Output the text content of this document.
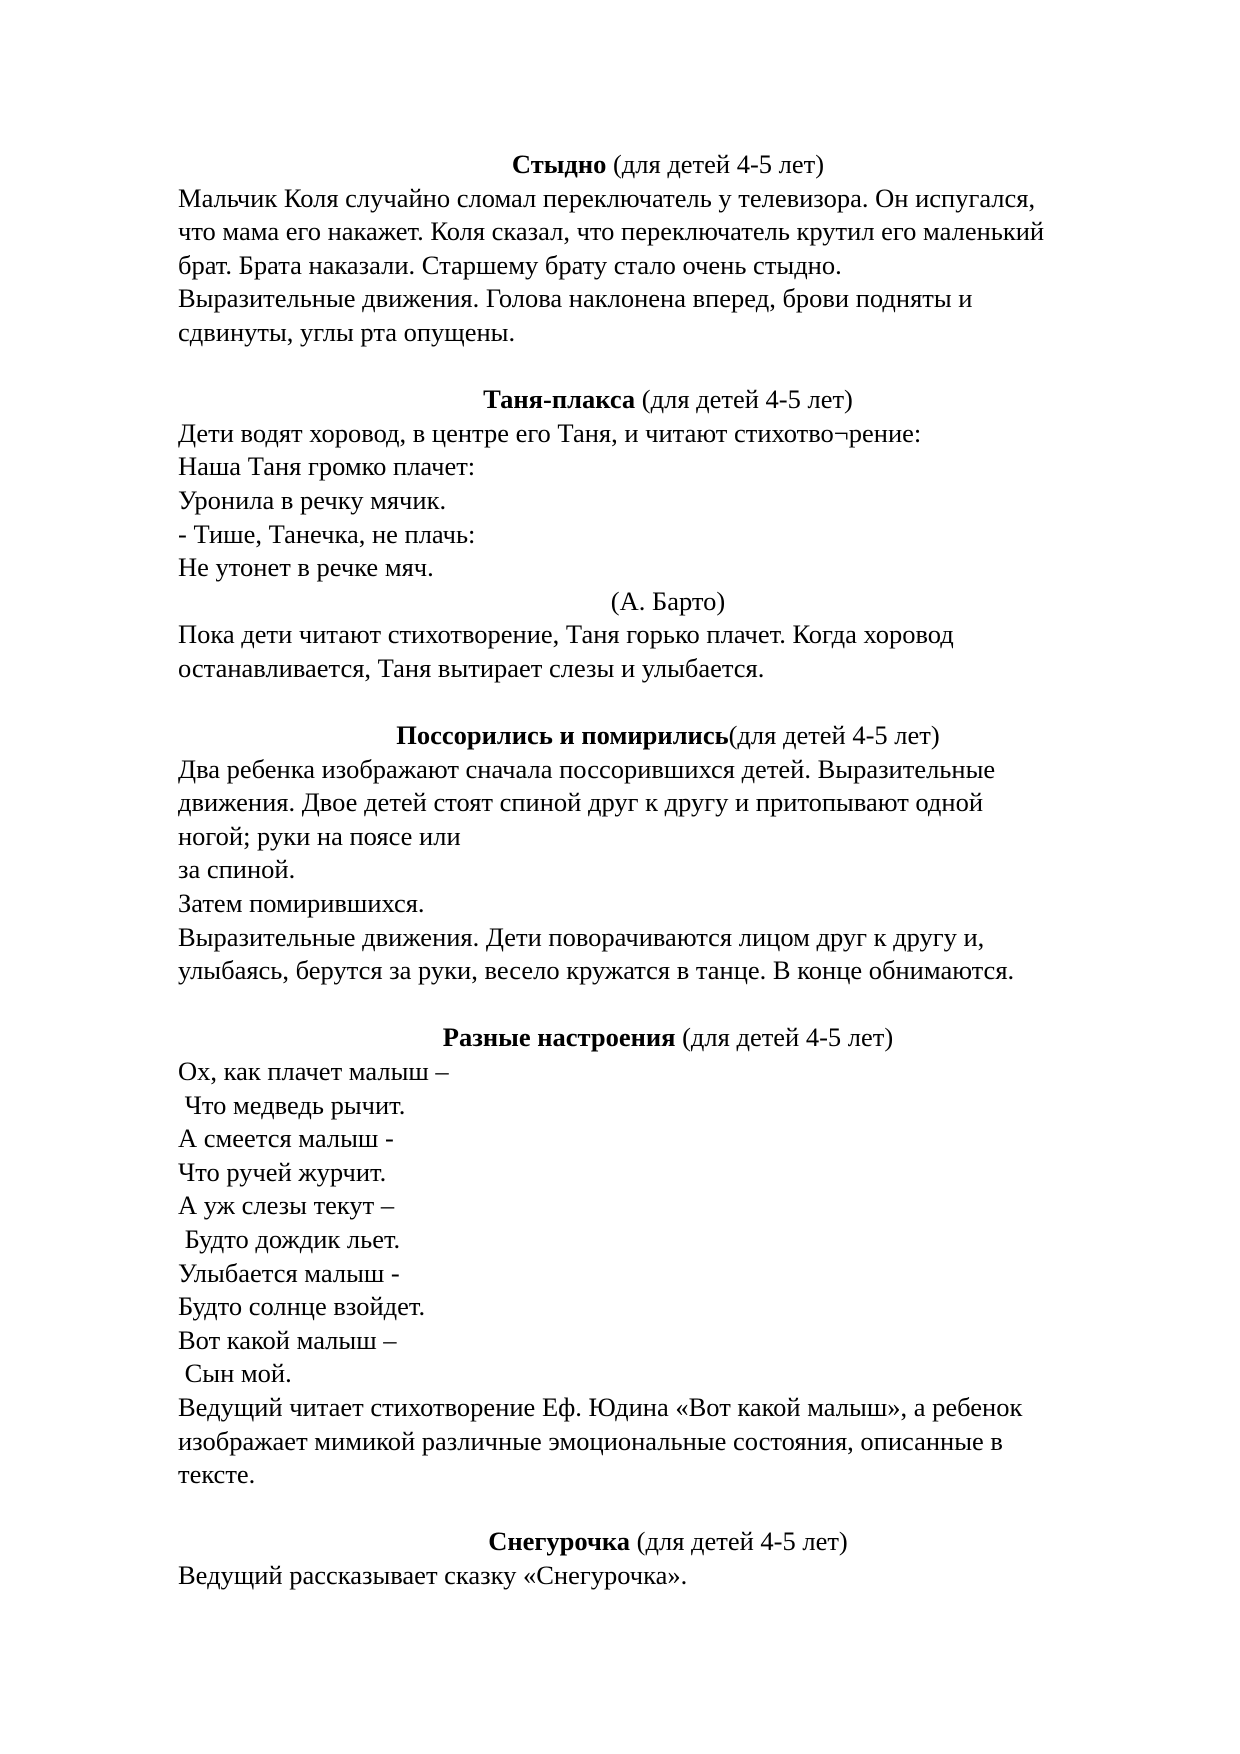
Стыдно (для детей 4-5 лет)
Мальчик Коля случайно сломал переключатель у телевизора. Он испугался,
что мама его накажет. Коля сказал, что переключатель крутил его маленький
брат. Брата наказали. Старшему брату стало очень стыдно.
Выразительные движения. Голова наклонена вперед, брови подняты и
сдвинуты, углы рта опущены.
Таня-плакса (для детей 4-5 лет)
Дети водят хоровод, в центре его Таня, и читают стихотво¬рение:
Наша Таня громко плачет:
Уронила в речку мячик.
- Тише, Танечка, не плачь:
Не утонет в речке мяч.
(А. Барто)
Пока дети читают стихотворение, Таня горько плачет. Когда хоровод
останавливается, Таня вытирает слезы и улыбается.
Поссорились и помирились(для детей 4-5 лет)
Два ребенка изображают сначала поссорившихся детей. Выразительные
движения. Двое детей стоят спиной друг к другу и притопывают одной
ногой; руки на поясе или
за спиной.
Затем помирившихся.
Выразительные движения. Дети поворачиваются лицом друг к другу и,
улыбаясь, берутся за руки, весело кружатся в танце. В конце обнимаются.
Разные настроения (для детей 4-5 лет)
Ох, как плачет малыш –
Что медведь рычит.
А смеется малыш -
Что ручей журчит.
А уж слезы текут –
Будто дождик льет.
Улыбается малыш -
Будто солнце взойдет.
Вот какой малыш –
Сын мой.
Ведущий читает стихотворение Еф. Юдина «Вот какой малыш», а ребенок
изображает мимикой различные эмоциональные состояния, описанные в
тексте.
Снегурочка (для детей 4-5 лет)
Ведущий рассказывает сказку «Снегурочка».
